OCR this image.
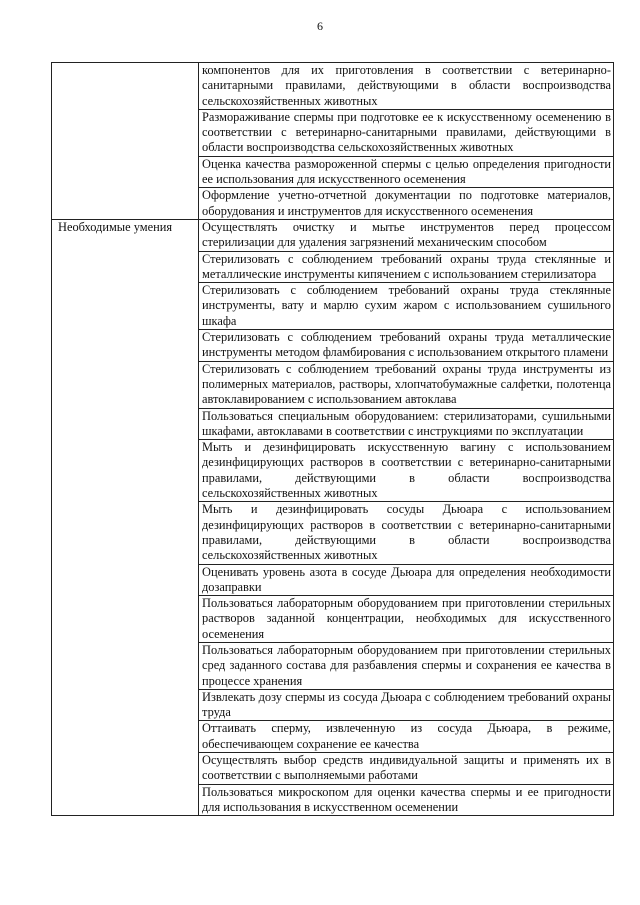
6
	компонентов для их приготовления в соответствии с ветеринарно-санитарными правилами, действующими в области воспроизводства сельскохозяйственных животных
	Размораживание спермы при подготовке ее к искусственному осеменению в соответствии с ветеринарно-санитарными правилами, действующими в области воспроизводства сельскохозяйственных животных
	Оценка качества размороженной спермы с целью определения пригодности ее использования для искусственного осеменения
	Оформление учетно-отчетной документации по подготовке материалов, оборудования и инструментов для искусственного осеменения
Необходимые умения	Осуществлять очистку и мытье инструментов перед процессом стерилизации для удаления загрязнений механическим способом
	Стерилизовать с соблюдением требований охраны труда стеклянные и металлические инструменты кипячением с использованием стерилизатора
	Стерилизовать с соблюдением требований охраны труда стеклянные инструменты, вату и марлю сухим жаром с использованием сушильного шкафа
	Стерилизовать с соблюдением требований охраны труда металлические инструменты методом фламбирования с использованием открытого пламени
	Стерилизовать с соблюдением требований охраны труда инструменты из полимерных материалов, растворы, хлопчатобумажные салфетки, полотенца автоклавированием с использованием автоклава
	Пользоваться специальным оборудованием: стерилизаторами, сушильными шкафами, автоклавами в соответствии с инструкциями по эксплуатации
	Мыть и дезинфицировать искусственную вагину с использованием дезинфицирующих растворов в соответствии с ветеринарно-санитарными правилами, действующими в области воспроизводства сельскохозяйственных животных
	Мыть и дезинфицировать сосуды Дьюара с использованием дезинфицирующих растворов в соответствии с ветеринарно-санитарными правилами, действующими в области воспроизводства сельскохозяйственных животных
	Оценивать уровень азота в сосуде Дьюара для определения необходимости дозаправки
	Пользоваться лабораторным оборудованием при приготовлении стерильных растворов заданной концентрации, необходимых для искусственного осеменения
	Пользоваться лабораторным оборудованием при приготовлении стерильных сред заданного состава для разбавления спермы и сохранения ее качества в процессе хранения
	Извлекать дозу спермы из сосуда Дьюара с соблюдением требований охраны труда
	Оттаивать сперму, извлеченную из сосуда Дьюара, в режиме, обеспечивающем сохранение ее качества
	Осуществлять выбор средств индивидуальной защиты и применять их в соответствии с выполняемыми работами
	Пользоваться микроскопом для оценки качества спермы и ее пригодности для использования в искусственном осеменении
